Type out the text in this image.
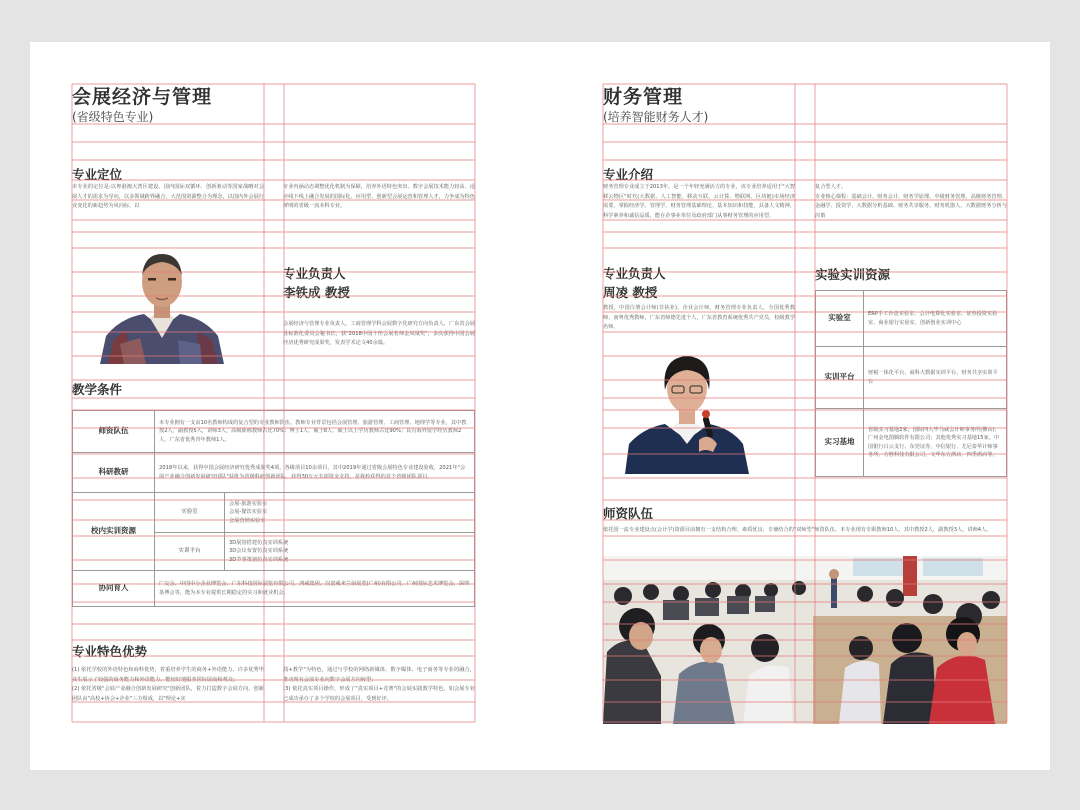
会展经济与管理
(省级特色专业)
专业定位
本专业的定位是:以粤港澳大湾区建设、国内国际双循环、创新驱动等国家战略对会展人才的需求为导向，以多领域跨界融合、大范围资源整合为理念，以国内外会展行业变化的新趋势为风向标，以
专业内涵动态调整优化机制为保障，培养外语特色突出、数字会展技术能力较高、适应线下线上融合发展的国际化、应用型、创新型会展运营和管理人才，力争成为特色鲜明的省级一流本科专业。
专业负责人
李铁成 教授
会展经济与管理专业负责人，工商管理学科会展数字化研究方向负责人，广东省会展业标准化委员会秘书长，获"2018中国十佳会展名师金凤凰奖"，多次获得中国会展经济优秀研究成果奖，发表学术论文40余篇。
教学条件
师资队伍	本专业拥有一支由10名教师构成的复合型的专业教师队伍，教师专业背景包括会展管理、旅游管理、工商管理、地理学等专业，其中教授2人，副教授5人，讲师3人，高级职称教师占比70%；博士1人、硕士8人、硕士以上学历教师占比90%；具有海外留学经历教师2人，广东省优秀青年教师1人。	
科研教研	2018年以来，获得中国会展经济研究优秀成果奖4项，各级项目10余项目，其中2019年通过省级会展特色专业建设验收，2021年"会展产业融合创新发展研究团队"获批为省级科研创新团队，获得30万元专项资金支持，是我校获得的首个省级团队项目。	
校内实训资源	实验室	会展-旅游实验室
会展-餐饮实验室
会展营销实验室

	实训平台	3D展馆搭建仿真实训系统
3D会议布置仿真实训系统
3D节事策划仿真实训系统

协同育人	广交会、中国中小企业博览会、广东科技国际展览有限公司、鸿威集团、汉诺威米兰佰展览(广州)有限公司、广州国际艺术博览会、深圳茶博会等，能为本专业提供长期稳定的实习和就业机会。	
专业特色优势
(1) 依托学校的外语特色和商科优势，着重培养学生的商务+外语能力。许多优秀毕业生展示了较强的商务能力和外语能力，能较好地服务国际展商和观众；
(2) 依托省级"会展产业融合创新发展研究"创新团队，着力打造数字会展方向。创新团队由"高校+协会+企业"三方组成，以"理论+实
践+教学"为特色，通过与学校的网络新媒体、数字媒体、电子商务等专业的融合，推动现有会展专业向数字会展方向转型；
(3) 依托真实项目操作，形成了"真实项目+竞赛"的会展实践教学特色。如会展专业已成功承办了多个学校的会展项目，受到好评。
财务管理
(培养智能财务人才)
专业介绍
财务管理专业成立于2013年，是一个年轻充满活力的专业，该专业培养适用于"大智移云物区"时代(大数据、人工智能、移动互联、云计算、物联网、区块链)市场经济需要，掌握经济学、管理学、财务管理基础理论、基本知识和技能，具备人文精神、科学素养和诚信品质，能在企事业单位及政府部门从事财务管理的应用型、
复合型人才。
专业核心课程：基础会计、财务会计、财务学原理、中级财务管理、高级财务管理、金融学、投资学、大数据分析基础、财务共享服务、财务机器人、大数据财务分析与决策
专业负责人
周凌 教授
教授，中国注册会计师(非执业)，企业会计师，财务管理专业负责人，全国优秀教师、南粤优秀教师，广东省师德先进个人，广东省教育系统优秀共产党员，校级教学名师。
实验实训资源
实验室	ERP手工沙盘实验室、会计电算化实验室、证券投资实验室、商业银行实验室、创新创业实训中心
实训平台	财税一体化平台、商科大数据实训平台、财务共享实训平台
实习基地	省级实习基地2家，国际四大毕马威会计师事务所(佛山)、广州金电图腾软件有限公司；其他优秀实习基地15家，中国银行白云支行、东莞证券、中信银行、尤尼泰华计师事务所、方胜科技有限公司、文华东方酒店、四季酒店等。
师资队伍
依托国一流专业建设点(会计学)资源目前拥有一支结构合理、素质优良、专兼结合的"双师型"师资队伍。本专业现有专职教师10人，其中教授2人，副教授3人，讲师4人。
